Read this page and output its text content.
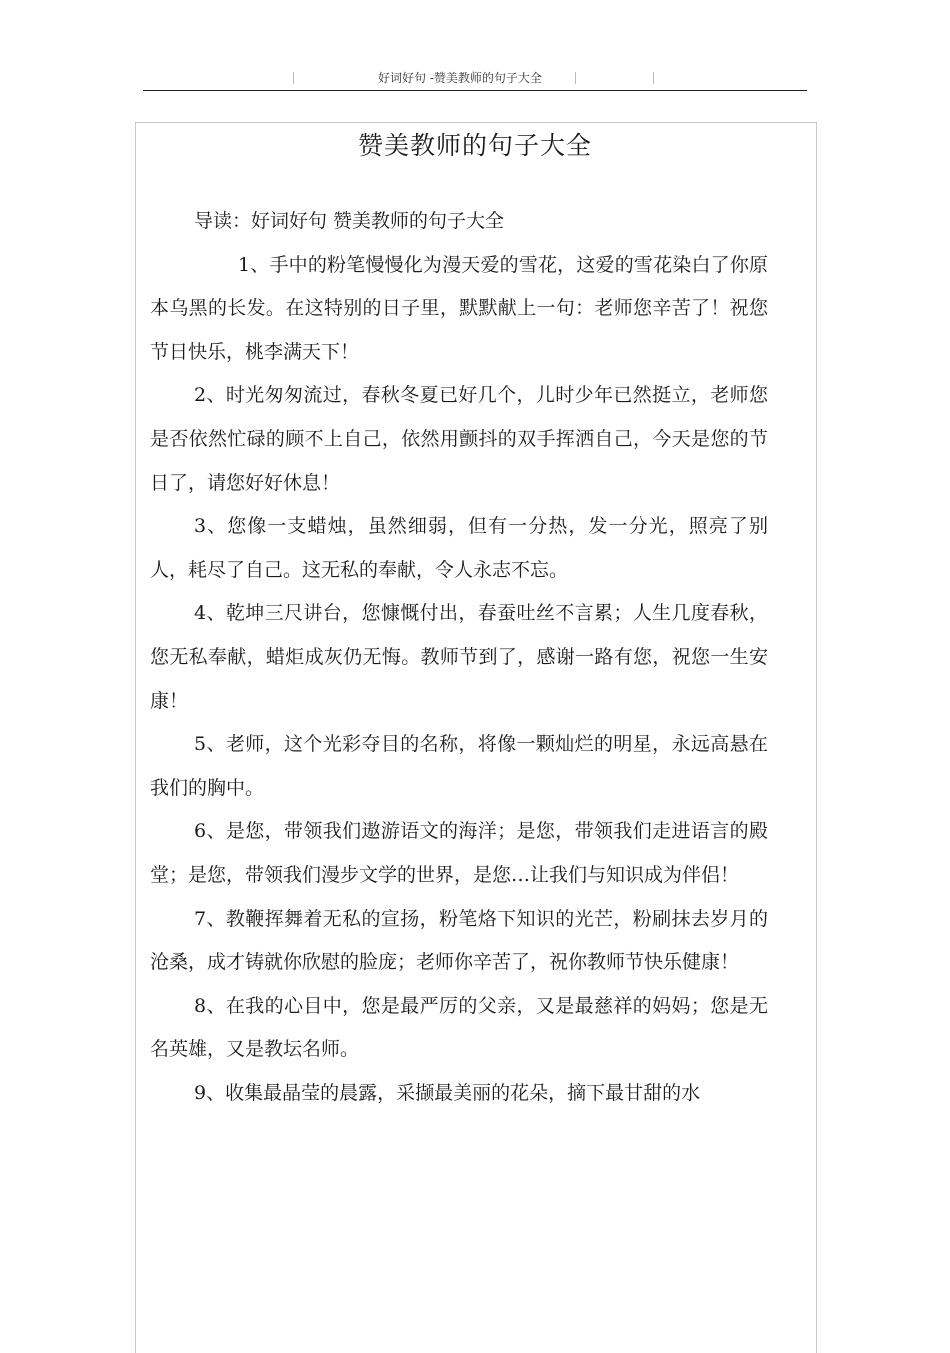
好词好句 -赞美教师的句子大全
赞美教师的句子大全

导读：好词好句 赞美教师的句子大全

1、手中的粉笔慢慢化为漫天爱的雪花，这爱的雪花染白了你原本乌黑的长发。在这特别的日子里，默默献上一句：老师您辛苦了！祝您节日快乐，桃李满天下！

2、时光匆匆流过，春秋冬夏已好几个，儿时少年已然挺立，老师您是否依然忙碌的顾不上自己，依然用颤抖的双手挥洒自己，今天是您的节日了，请您好好休息！

3、您像一支蜡烛，虽然细弱，但有一分热，发一分光，照亮了别人，耗尽了自己。这无私的奉献，令人永志不忘。

4、乾坤三尺讲台，您慷慨付出，春蚕吐丝不言累；人生几度春秋，您无私奉献，蜡炬成灰仍无悔。教师节到了，感谢一路有您，祝您一生安康！

5、老师，这个光彩夺目的名称，将像一颗灿烂的明星，永远高悬在我们的胸中。

6、是您，带领我们遨游语文的海洋；是您，带领我们走进语言的殿堂；是您，带领我们漫步文学的世界，是您…让我们与知识成为伴侣！

7、教鞭挥舞着无私的宣扬，粉笔烙下知识的光芒，粉刷抹去岁月的沧桑，成才铸就你欣慰的脸庞；老师你辛苦了，祝你教师节快乐健康！

8、在我的心目中，您是最严厉的父亲，又是最慈祥的妈妈；您是无名英雄，又是教坛名师。

9、收集最晶莹的晨露，采撷最美丽的花朵，摘下最甘甜的水
